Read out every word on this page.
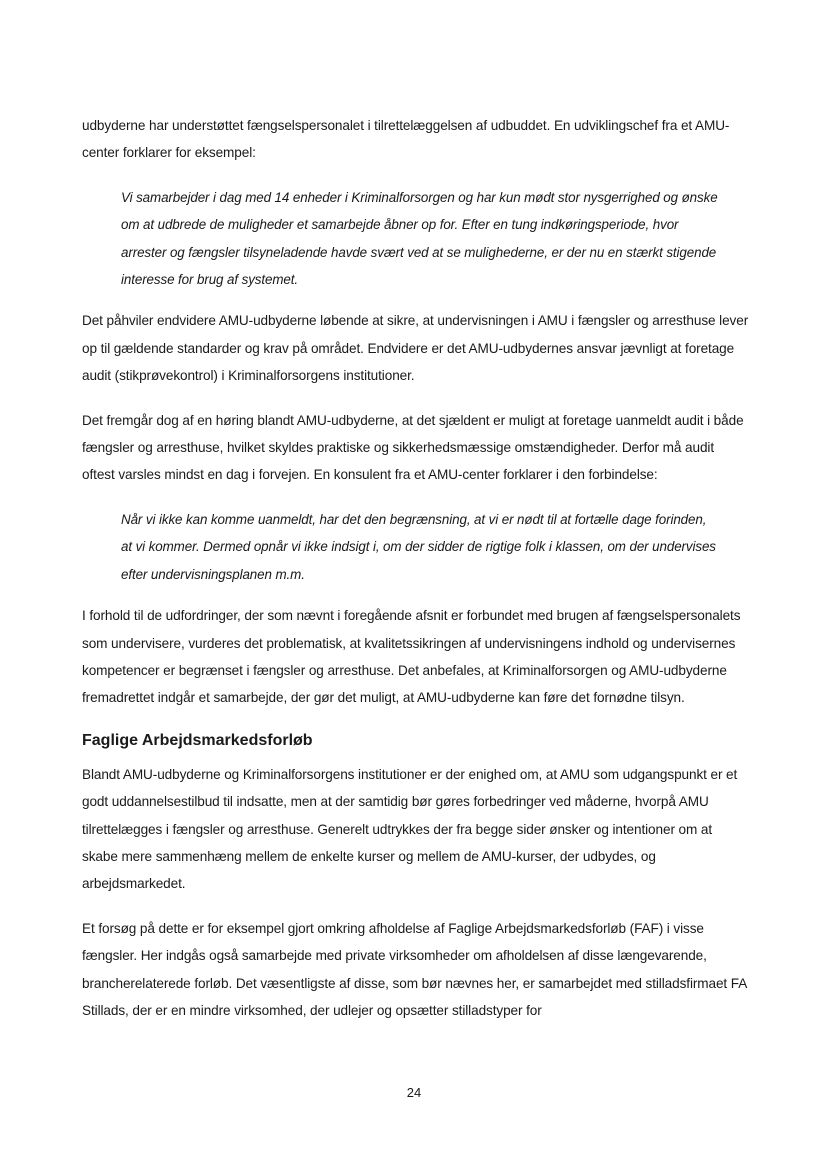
udbyderne har understøttet fængselspersonalet i tilrettelæggelsen af udbuddet. En udviklingschef fra et AMU-center forklarer for eksempel:

Vi samarbejder i dag med 14 enheder i Kriminalforsorgen og har kun mødt stor nysgerrighed og ønske om at udbrede de muligheder et samarbejde åbner op for. Efter en tung indkøringsperiode, hvor arrester og fængsler tilsyneladende havde svært ved at se mulighederne, er der nu en stærkt stigende interesse for brug af systemet.

Det påhviler endvidere AMU-udbyderne løbende at sikre, at undervisningen i AMU i fængsler og arresthuse lever op til gældende standarder og krav på området. Endvidere er det AMU-udbydernes ansvar jævnligt at foretage audit (stikprøvekontrol) i Kriminalforsorgens institutioner.

Det fremgår dog af en høring blandt AMU-udbyderne, at det sjældent er muligt at foretage uanmeldt audit i både fængsler og arresthuse, hvilket skyldes praktiske og sikkerhedsmæssige omstændigheder. Derfor må audit oftest varsles mindst en dag i forvejen. En konsulent fra et AMU-center forklarer i den forbindelse:

Når vi ikke kan komme uanmeldt, har det den begrænsning, at vi er nødt til at fortælle dage forinden, at vi kommer. Dermed opnår vi ikke indsigt i, om der sidder de rigtige folk i klassen, om der undervises efter undervisningsplanen m.m.

I forhold til de udfordringer, der som nævnt i foregående afsnit er forbundet med brugen af fængselspersonalets som undervisere, vurderes det problematisk, at kvalitetssikringen af undervisningens indhold og undervisernes kompetencer er begrænset i fængsler og arresthuse. Det anbefales, at Kriminalforsorgen og AMU-udbyderne fremadrettet indgår et samarbejde, der gør det muligt, at AMU-udbyderne kan føre det fornødne tilsyn.

Faglige Arbejdsmarkedsforløb

Blandt AMU-udbyderne og Kriminalforsorgens institutioner er der enighed om, at AMU som udgangspunkt er et godt uddannelsestilbud til indsatte, men at der samtidig bør gøres forbedringer ved måderne, hvorpå AMU tilrettelægges i fængsler og arresthuse. Generelt udtrykkes der fra begge sider ønsker og intentioner om at skabe mere sammenhæng mellem de enkelte kurser og mellem de AMU-kurser, der udbydes, og arbejdsmarkedet.

Et forsøg på dette er for eksempel gjort omkring afholdelse af Faglige Arbejdsmarkedsforløb (FAF) i visse fængsler. Her indgås også samarbejde med private virksomheder om afholdelsen af disse længevarende, brancherelaterede forløb. Det væsentligste af disse, som bør nævnes her, er samarbejdet med stilladsfirmaet FA Stillads, der er en mindre virksomhed, der udlejer og opsætter stilladstyper for

24
